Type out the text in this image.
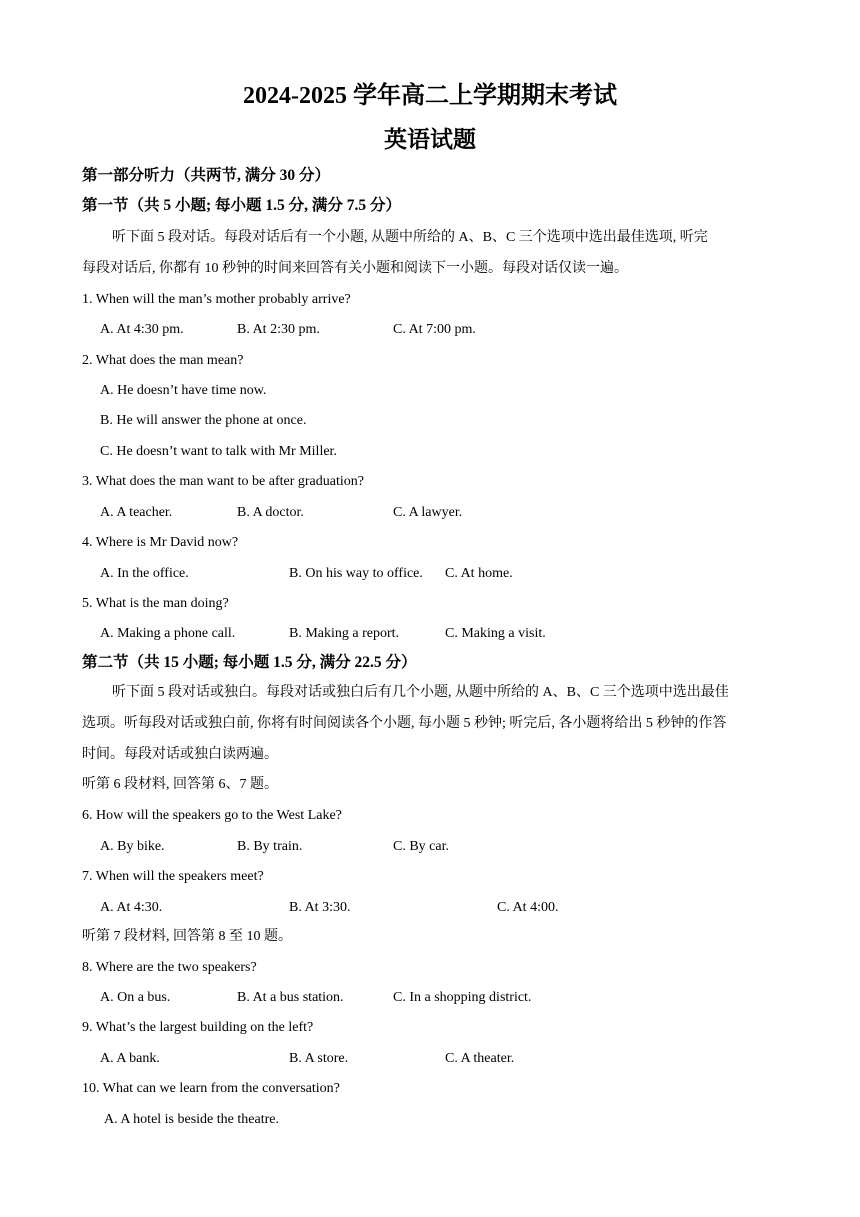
2024-2025 学年高二上学期期末考试
英语试题
第一部分听力（共两节, 满分 30 分）
第一节（共 5 小题; 每小题 1.5 分, 满分 7.5 分）
听下面 5 段对话。每段对话后有一个小题, 从题中所给的 A、B、C 三个选项中选出最佳选项, 听完
每段对话后, 你都有 10 秒钟的时间来回答有关小题和阅读下一小题。每段对话仅读一遍。
1. When will the man’s mother probably arrive?
A. At 4:30 pm.	B. At 2:30 pm.	C. At 7:00 pm.
2. What does the man mean?
A. He doesn’t have time now.
B. He will answer the phone at once.
C. He doesn’t want to talk with Mr Miller.
3. What does the man want to be after graduation?
A. A teacher.	B. A doctor.	C. A lawyer.
4. Where is Mr David now?
A. In the office.	B. On his way to office. C. At home.
5. What is the man doing?
A. Making a phone call.	B. Making a report.	C. Making a visit.
第二节（共 15 小题; 每小题 1.5 分, 满分 22.5 分）
听下面 5 段对话或独白。每段对话或独白后有几个小题, 从题中所给的 A、B、C 三个选项中选出最佳
选项。听每段对话或独白前, 你将有时间阅读各个小题, 每小题 5 秒钟; 听完后, 各小题将给出 5 秒钟的作答
时间。每段对话或独白读两遍。
听第 6 段材料, 回答第 6、7 题。
6. How will the speakers go to the West Lake?
A. By bike.	B. By train.	C. By car.
7. When will the speakers meet?
A. At 4:30.	B. At 3:30.	C. At 4:00.
听第 7 段材料, 回答第 8 至 10 题。
8. Where are the two speakers?
A. On a bus.	B. At a bus station.	C. In a shopping district.
9. What’s the largest building on the left?
A. A bank.	B. A store.	C. A theater.
10. What can we learn from the conversation?
A. A hotel is beside the theatre.
